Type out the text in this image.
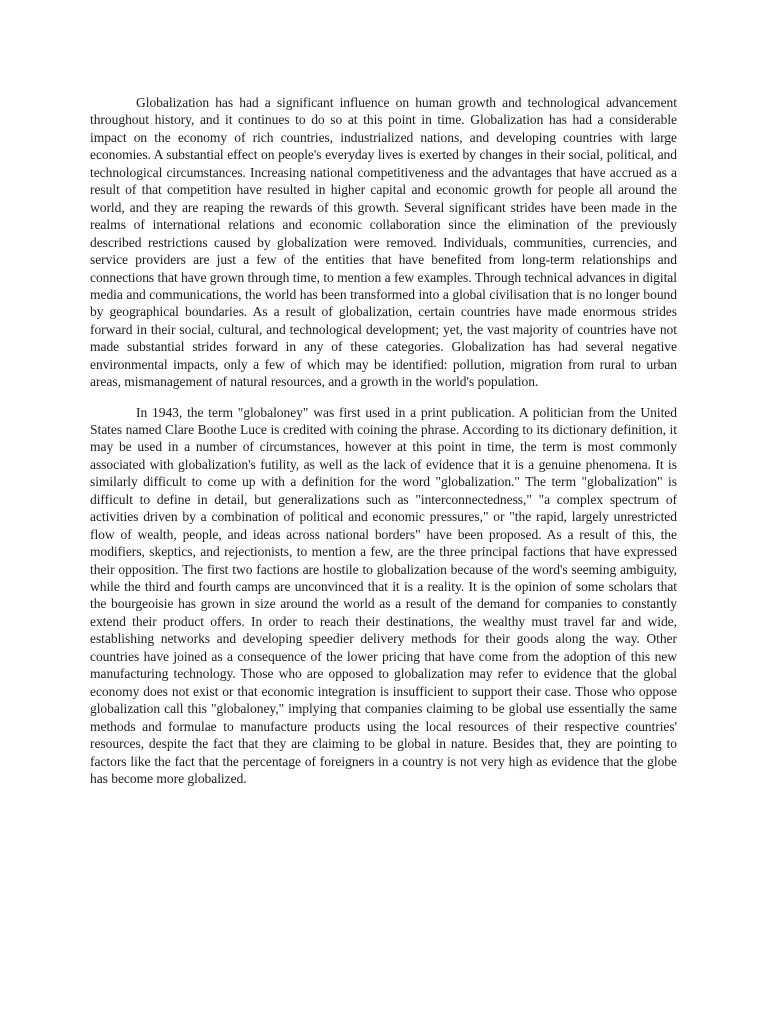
Globalization has had a significant influence on human growth and technological advancement throughout history, and it continues to do so at this point in time. Globalization has had a considerable impact on the economy of rich countries, industrialized nations, and developing countries with large economies. A substantial effect on people's everyday lives is exerted by changes in their social, political, and technological circumstances. Increasing national competitiveness and the advantages that have accrued as a result of that competition have resulted in higher capital and economic growth for people all around the world, and they are reaping the rewards of this growth. Several significant strides have been made in the realms of international relations and economic collaboration since the elimination of the previously described restrictions caused by globalization were removed. Individuals, communities, currencies, and service providers are just a few of the entities that have benefited from long-term relationships and connections that have grown through time, to mention a few examples. Through technical advances in digital media and communications, the world has been transformed into a global civilisation that is no longer bound by geographical boundaries. As a result of globalization, certain countries have made enormous strides forward in their social, cultural, and technological development; yet, the vast majority of countries have not made substantial strides forward in any of these categories. Globalization has had several negative environmental impacts, only a few of which may be identified: pollution, migration from rural to urban areas, mismanagement of natural resources, and a growth in the world's population.

In 1943, the term "globaloney" was first used in a print publication. A politician from the United States named Clare Boothe Luce is credited with coining the phrase. According to its dictionary definition, it may be used in a number of circumstances, however at this point in time, the term is most commonly associated with globalization's futility, as well as the lack of evidence that it is a genuine phenomena. It is similarly difficult to come up with a definition for the word "globalization." The term "globalization" is difficult to define in detail, but generalizations such as "interconnectedness," "a complex spectrum of activities driven by a combination of political and economic pressures," or "the rapid, largely unrestricted flow of wealth, people, and ideas across national borders" have been proposed. As a result of this, the modifiers, skeptics, and rejectionists, to mention a few, are the three principal factions that have expressed their opposition. The first two factions are hostile to globalization because of the word's seeming ambiguity, while the third and fourth camps are unconvinced that it is a reality. It is the opinion of some scholars that the bourgeoisie has grown in size around the world as a result of the demand for companies to constantly extend their product offers. In order to reach their destinations, the wealthy must travel far and wide, establishing networks and developing speedier delivery methods for their goods along the way. Other countries have joined as a consequence of the lower pricing that have come from the adoption of this new manufacturing technology. Those who are opposed to globalization may refer to evidence that the global economy does not exist or that economic integration is insufficient to support their case. Those who oppose globalization call this "globaloney," implying that companies claiming to be global use essentially the same methods and formulae to manufacture products using the local resources of their respective countries' resources, despite the fact that they are claiming to be global in nature. Besides that, they are pointing to factors like the fact that the percentage of foreigners in a country is not very high as evidence that the globe has become more globalized.
